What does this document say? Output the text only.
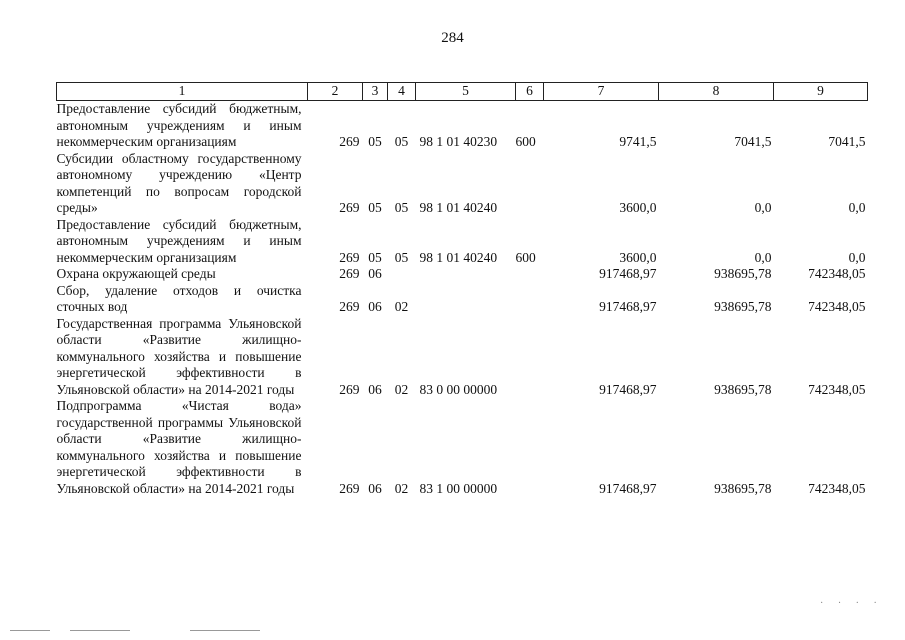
284
1	2	3	4	5	6	7	8	9
Предоставление субсидий бюджетным, автономным учреждениям и иным некоммерческим организациям	269	05	05	98 1 01 40230	600	9741,5	7041,5	7041,5
Субсидии областному государственному автономному учреждению «Центр компетенций по вопросам городской среды»	269	05	05	98 1 01 40240		3600,0	0,0	0,0
Предоставление субсидий бюджетным, автономным учреждениям и иным некоммерческим организациям	269	05	05	98 1 01 40240	600	3600,0	0,0	0,0
Охрана окружающей среды	269	06				917468,97	938695,78	742348,05
Сбор, удаление отходов и очистка сточных вод	269	06	02			917468,97	938695,78	742348,05
Государственная программа Ульяновской области «Развитие жилищно-коммунального хозяйства и повышение энергетической эффективности в Ульяновской области» на 2014-2021 годы	269	06	02	83 0 00 00000		917468,97	938695,78	742348,05
Подпрограмма «Чистая вода» государственной программы Ульяновской области «Развитие жилищно-коммунального хозяйства и повышение энергетической эффективности в Ульяновской области» на 2014-2021 годы	269	06	02	83 1 00 00000		917468,97	938695,78	742348,05
· · · ·
